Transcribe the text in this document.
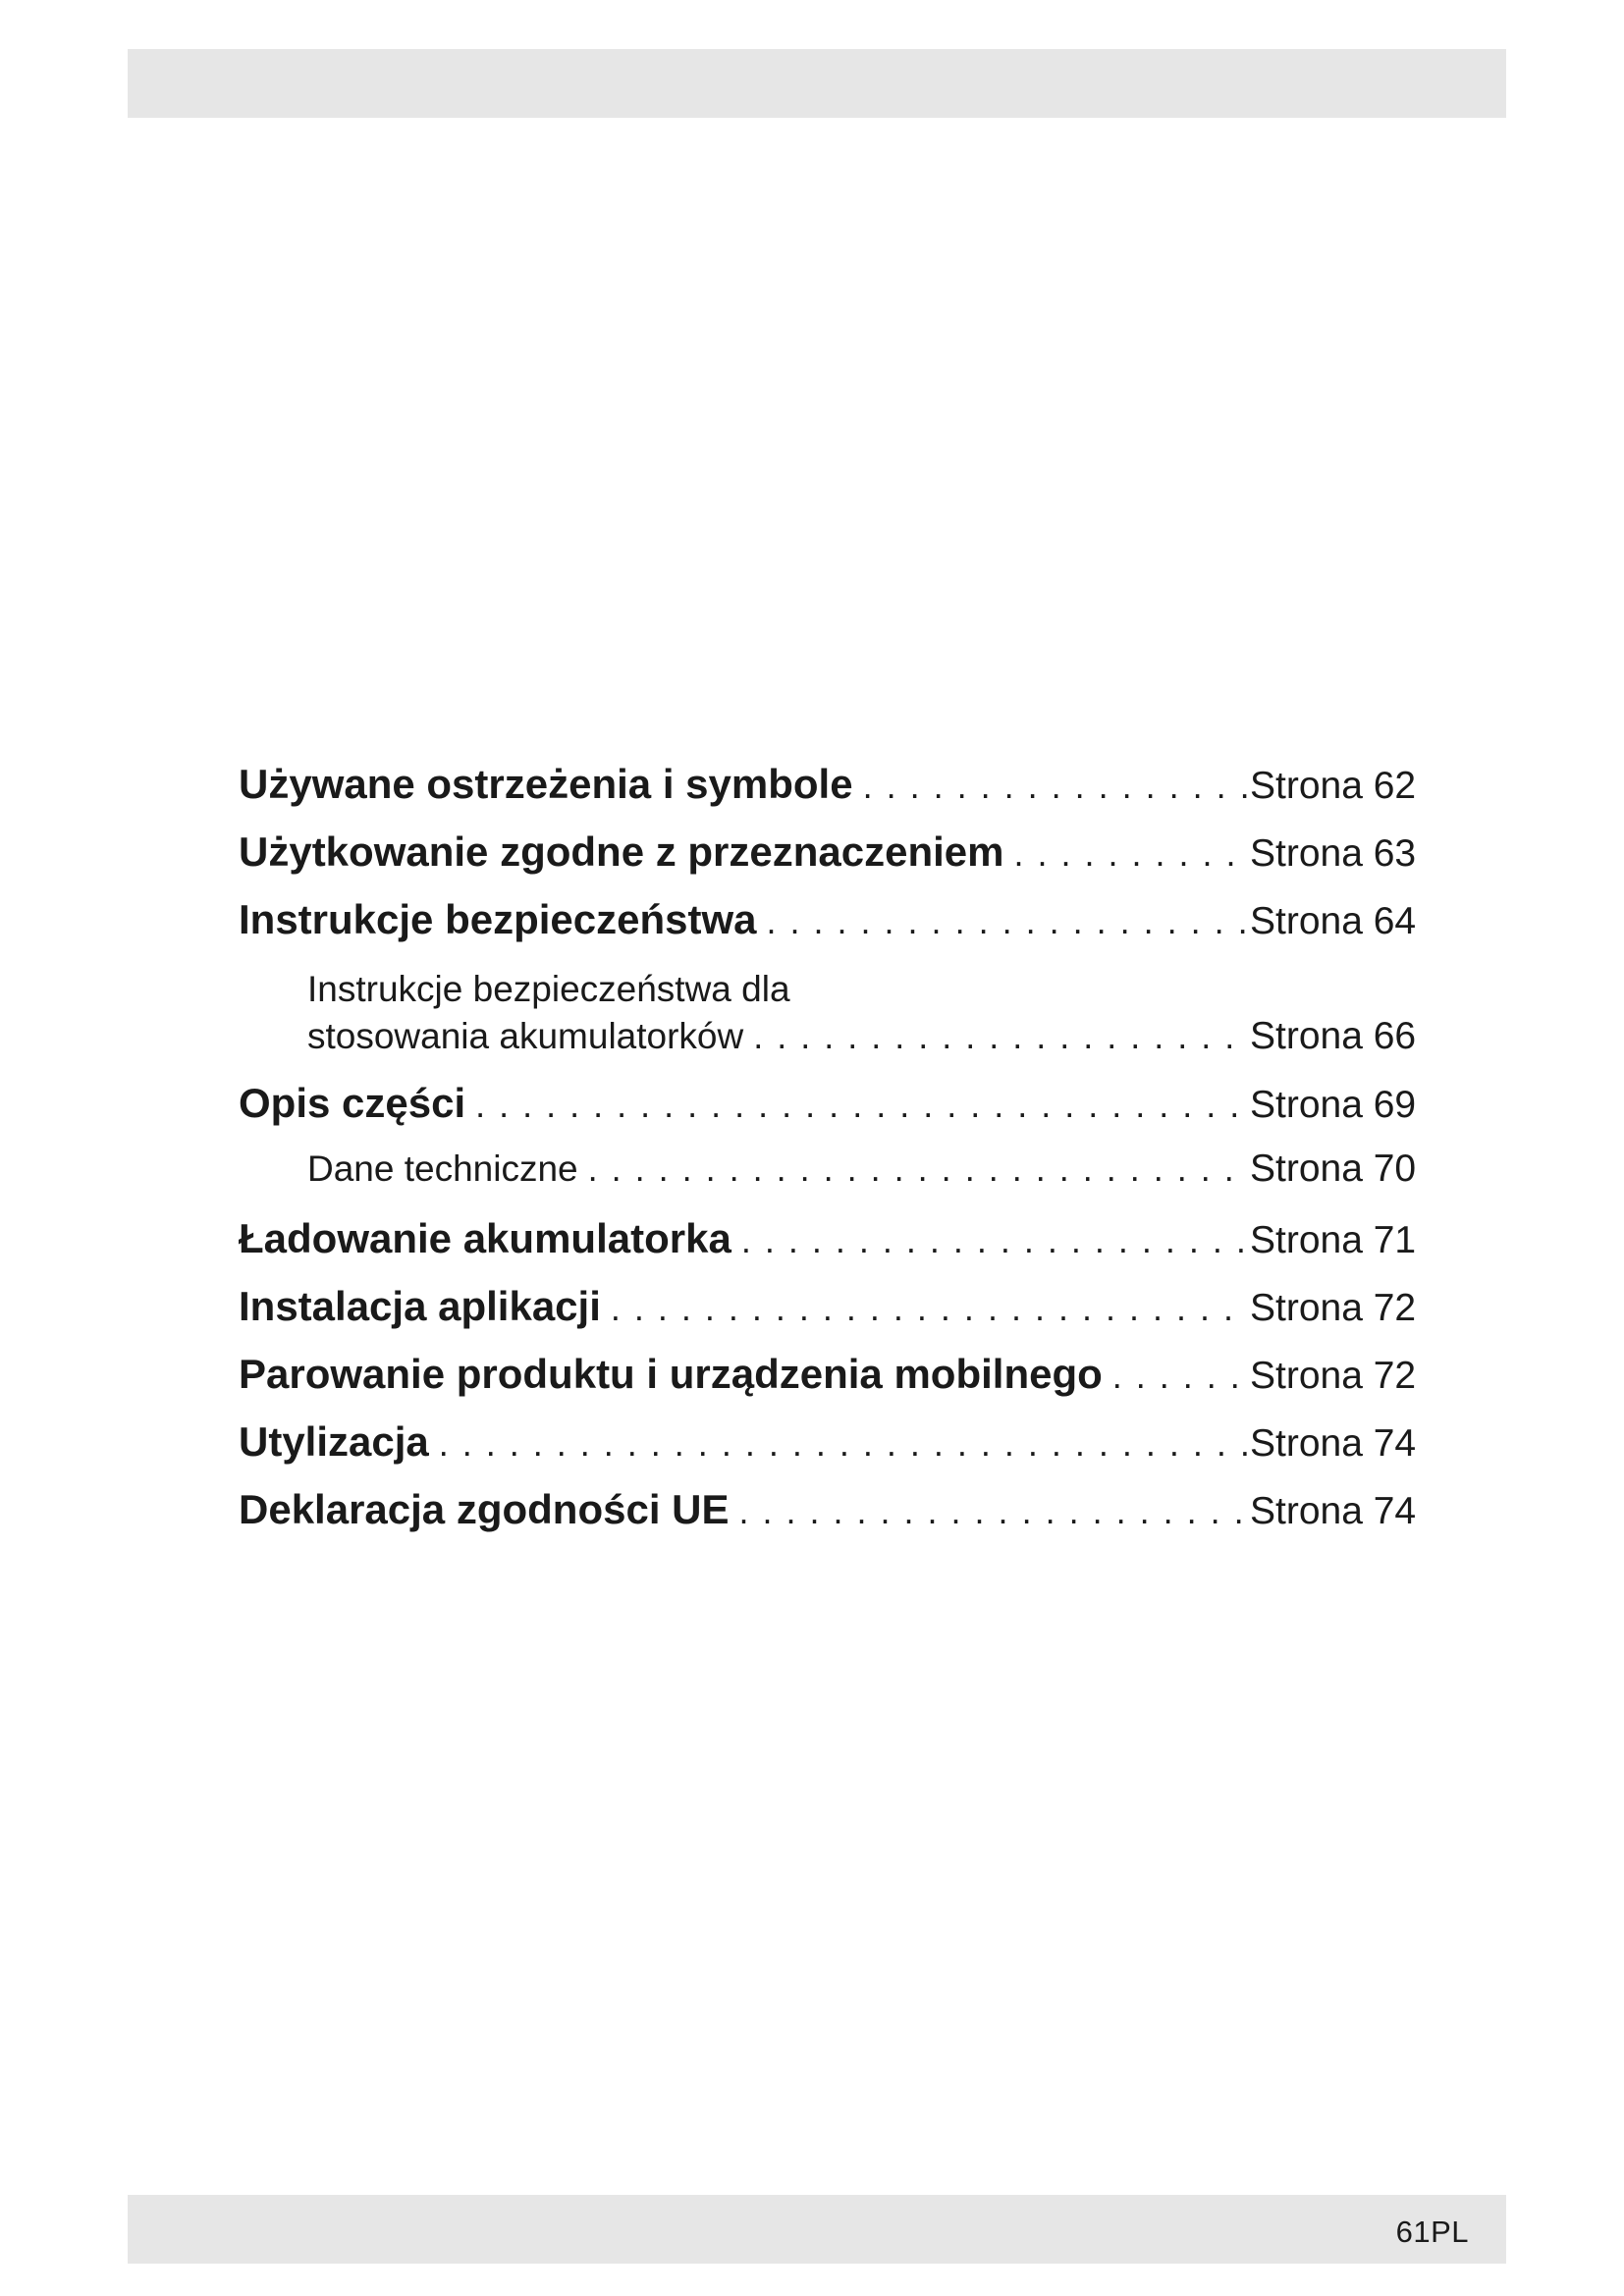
Używane ostrzeżenia i symbole . . .	Strona 62
Użytkowanie zgodne z przeznaczeniem . . .	Strona 63
Instrukcje bezpieczeństwa . . .	Strona 64
Instrukcje bezpieczeństwa dla
stosowania akumulatorków . . .	Strona 66
Opis części . . .	Strona 69
Dane techniczne . . .	Strona 70
Ładowanie akumulatorka . . .	Strona 71
Instalacja aplikacji . . .	Strona 72
Parowanie produktu i urządzenia mobilnego . . .	Strona 72
Utylizacja . . .	Strona 74
Deklaracja zgodności UE . . .	Strona 74
61PL
